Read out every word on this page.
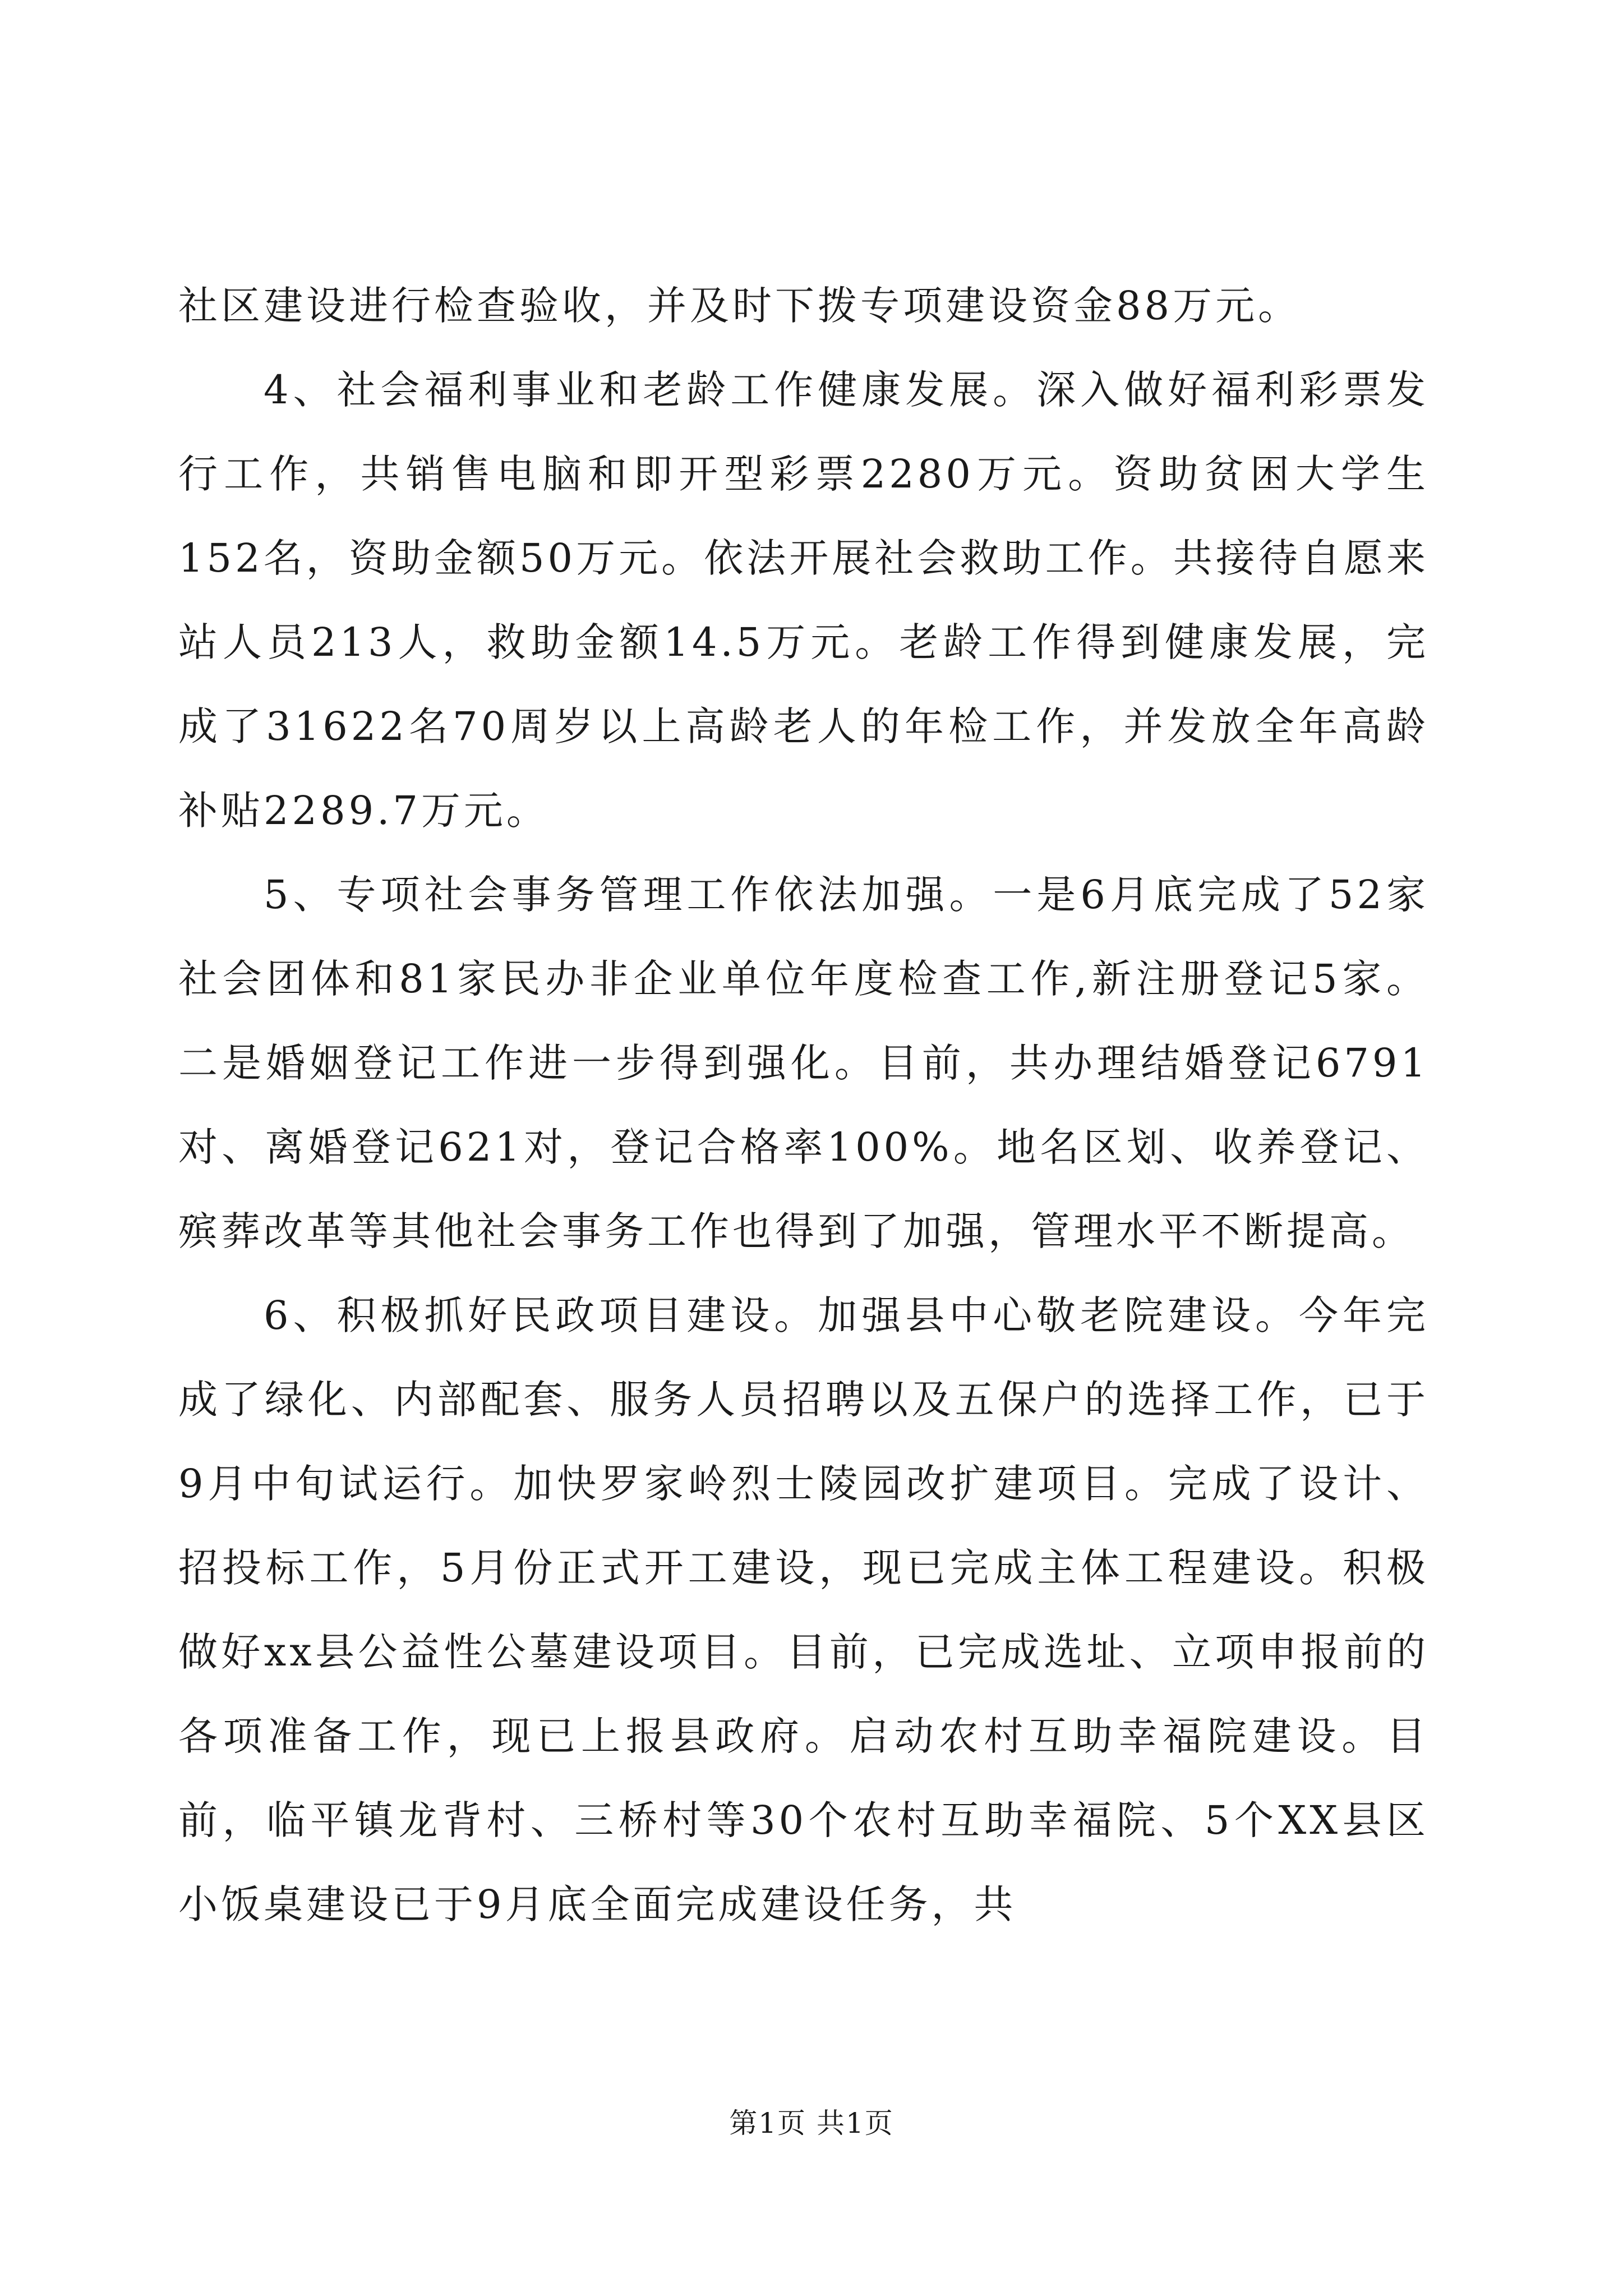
社区建设进行检查验收，并及时下拨专项建设资金88万元。

4、社会福利事业和老龄工作健康发展。深入做好福利彩票发行工作，共销售电脑和即开型彩票2280万元。资助贫困大学生152名，资助金额50万元。依法开展社会救助工作。共接待自愿来站人员213人，救助金额14.5万元。老龄工作得到健康发展，完成了31622名70周岁以上高龄老人的年检工作，并发放全年高龄补贴2289.7万元。

5、专项社会事务管理工作依法加强。一是6月底完成了52家社会团体和81家民办非企业单位年度检查工作,新注册登记5家。二是婚姻登记工作进一步得到强化。目前，共办理结婚登记6791对、离婚登记621对，登记合格率100%。地名区划、收养登记、殡葬改革等其他社会事务工作也得到了加强，管理水平不断提高。

6、积极抓好民政项目建设。加强县中心敬老院建设。今年完成了绿化、内部配套、服务人员招聘以及五保户的选择工作，已于9月中旬试运行。加快罗家岭烈士陵园改扩建项目。完成了设计、招投标工作，5月份正式开工建设，现已完成主体工程建设。积极做好xx县公益性公墓建设项目。目前，已完成选址、立项申报前的各项准备工作，现已上报县政府。启动农村互助幸福院建设。目前，临平镇龙背村、三桥村等30个农村互助幸福院、5个XX县区小饭桌建设已于9月底全面完成建设任务，共

第1页 共1页
